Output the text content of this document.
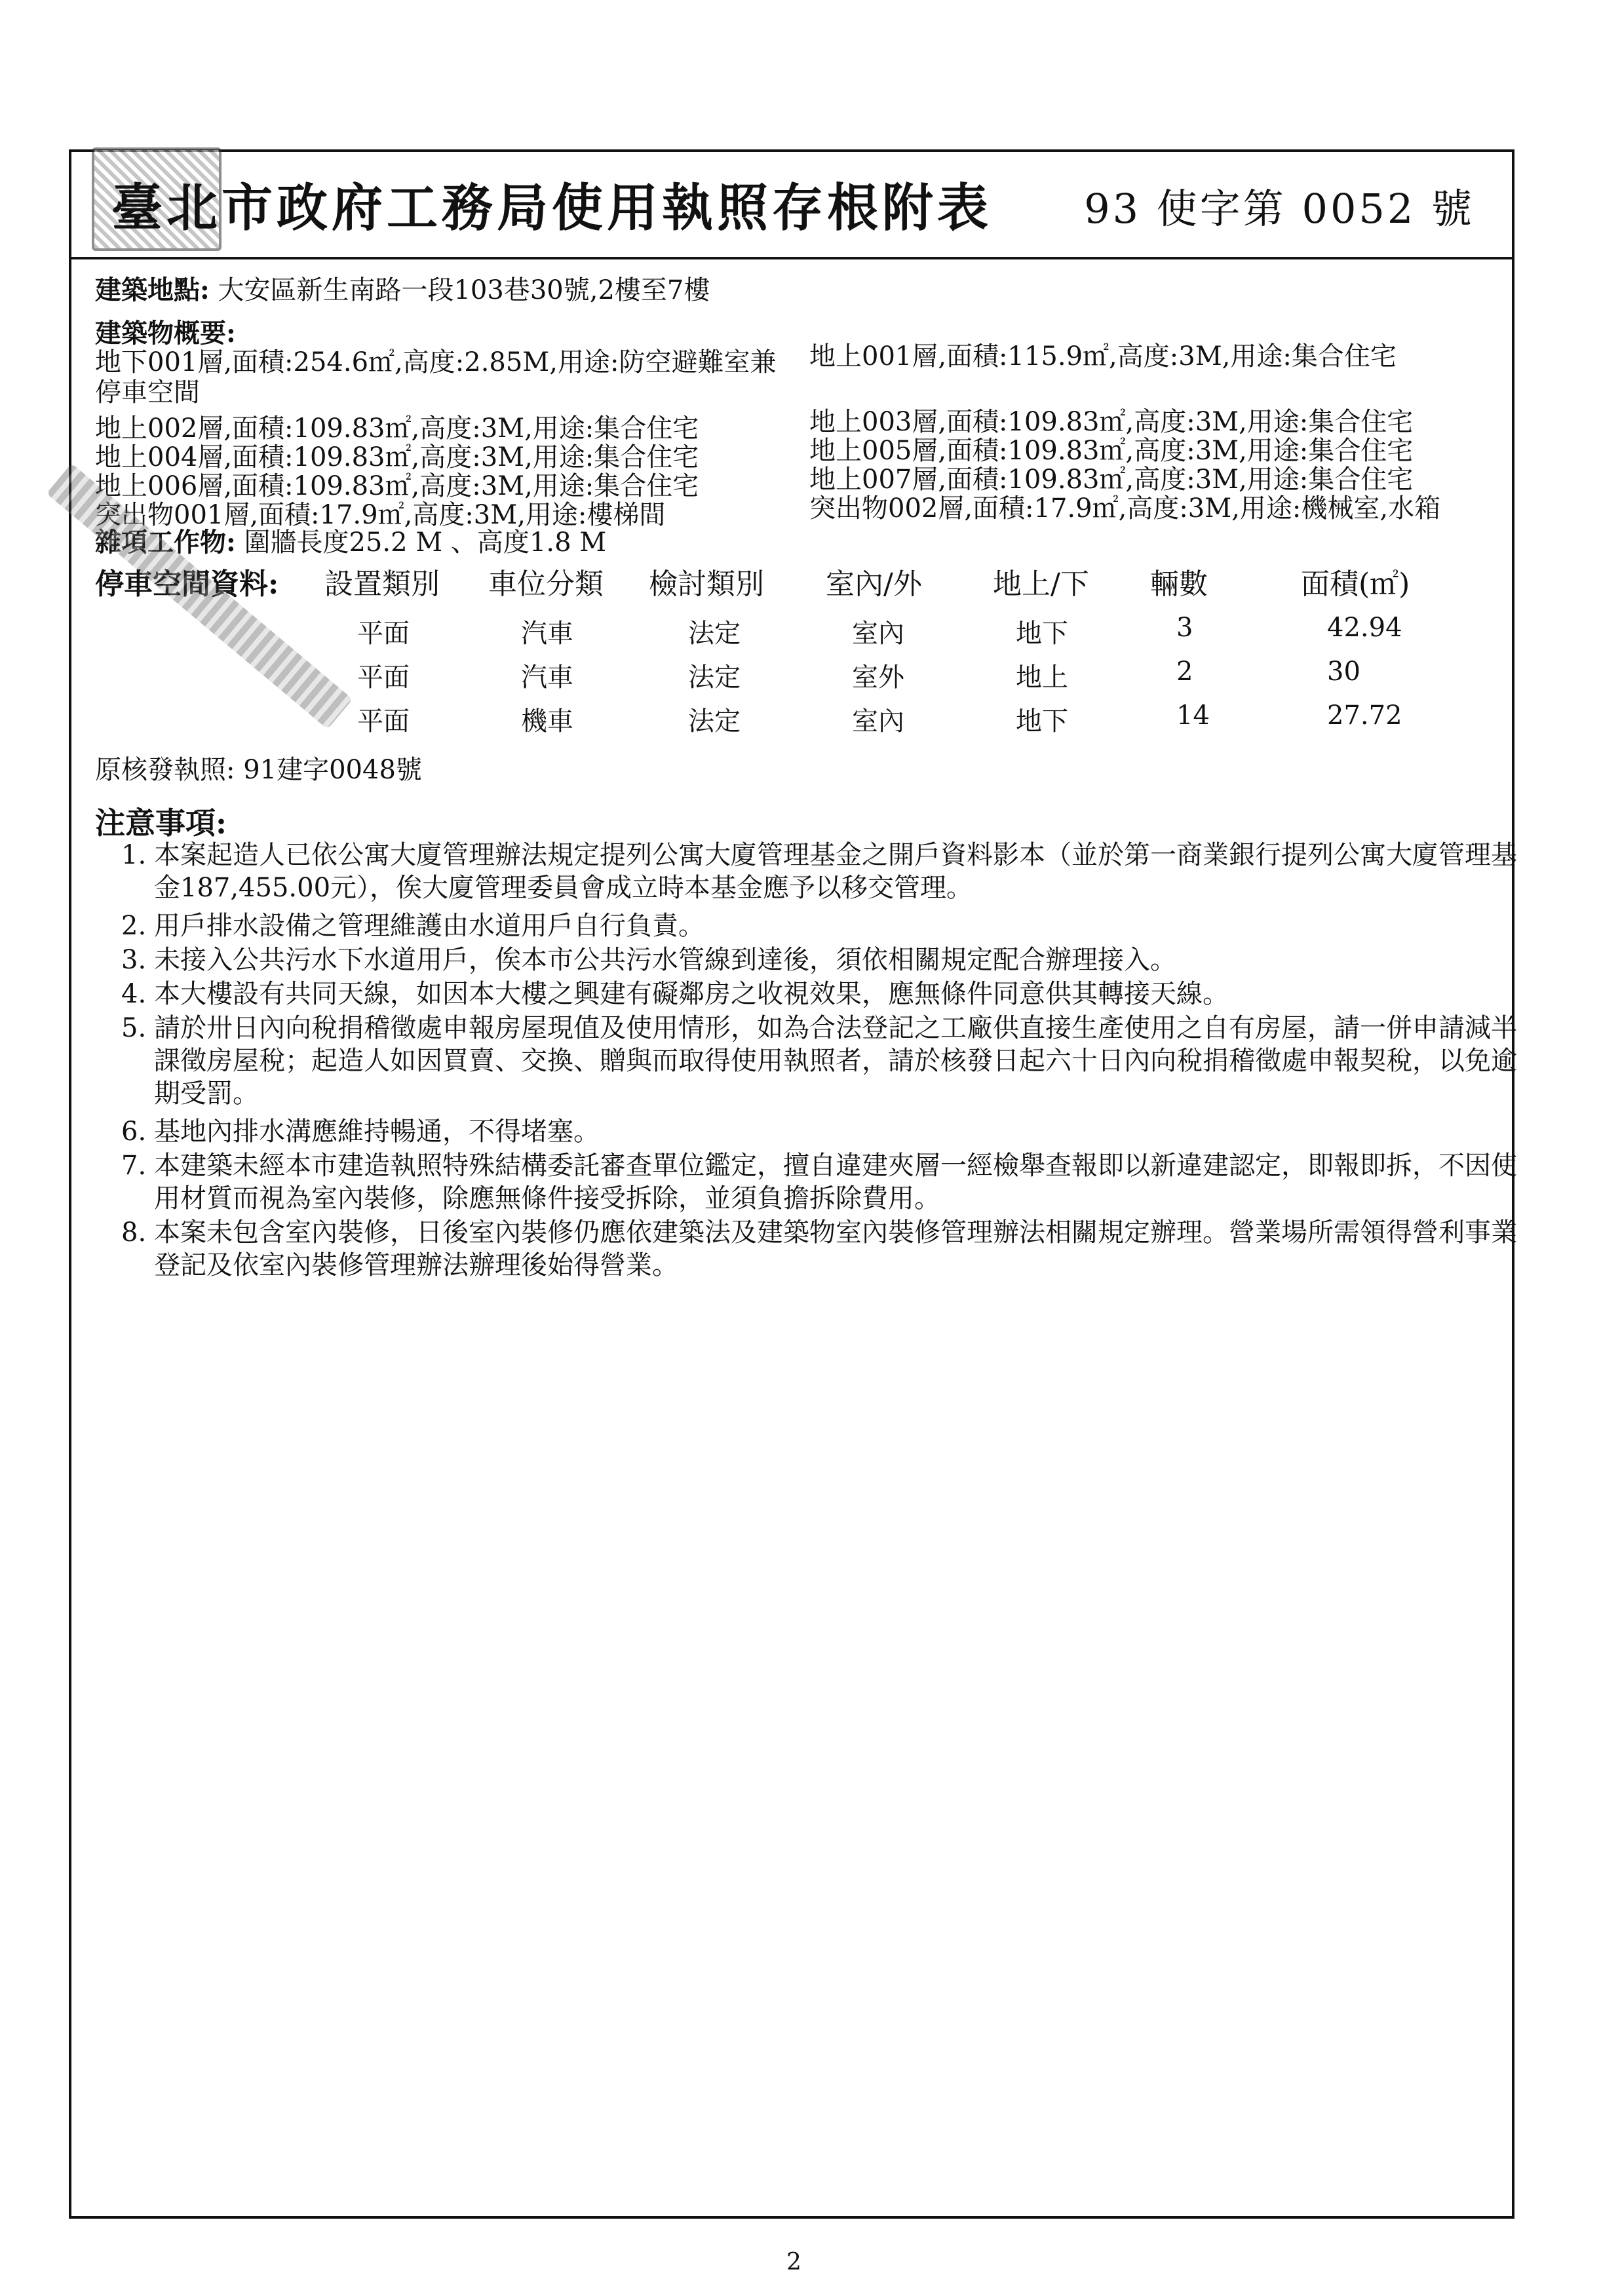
臺北市政府工務局使用執照存根附表 93 使字第 0052 號
建築地點: 大安區新生南路一段103巷30號,2樓至7樓
建築物概要:
地下001層,面積:254.6㎡,高度:2.85M,用途:防空避難室兼停車空間
地上001層,面積:115.9㎡,高度:3M,用途:集合住宅
地上002層,面積:109.83㎡,高度:3M,用途:集合住宅	地上003層,面積:109.83㎡,高度:3M,用途:集合住宅
地上004層,面積:109.83㎡,高度:3M,用途:集合住宅	地上005層,面積:109.83㎡,高度:3M,用途:集合住宅
地上006層,面積:109.83㎡,高度:3M,用途:集合住宅	地上007層,面積:109.83㎡,高度:3M,用途:集合住宅
突出物001層,面積:17.9㎡,高度:3M,用途:樓梯間	突出物002層,面積:17.9㎡,高度:3M,用途:機械室,水箱
雜項工作物: 圍牆長度25.2 M 、高度1.8 M
停車空間資料: 設置類別 車位分類 檢討類別 室內/外 地上/下 輛數	面積(㎡)
平面	汽車	法定	室內	地下	3	42.94
平面	汽車	法定	室外	地上	2	30
平面	機車	法定	室內	地下	14	27.72
原核發執照: 91建字0048號
注意事項:
1. 本案起造人已依公寓大廈管理辦法規定提列公寓大廈管理基金之開戶資料影本（並於第一商業銀行提列公寓大廈管理基金187,455.00元），俟大廈管理委員會成立時本基金應予以移交管理。
2. 用戶排水設備之管理維護由水道用戶自行負責。
3. 未接入公共污水下水道用戶，俟本市公共污水管線到達後，須依相關規定配合辦理接入。
4. 本大樓設有共同天線，如因本大樓之興建有礙鄰房之收視效果，應無條件同意供其轉接天線。
5. 請於卅日內向稅捐稽徵處申報房屋現值及使用情形，如為合法登記之工廠供直接生產使用之自有房屋，請一併申請減半課徵房屋稅；起造人如因買賣、交換、贈與而取得使用執照者，請於核發日起六十日內向稅捐稽徵處申報契稅，以免逾期受罰。
6. 基地內排水溝應維持暢通，不得堵塞。
7. 本建築未經本市建造執照特殊結構委託審查單位鑑定，擅自違建夾層一經檢舉查報即以新違建認定，即報即拆，不因使用材質而視為室內裝修，除應無條件接受拆除，並須負擔拆除費用。
8. 本案未包含室內裝修，日後室內裝修仍應依建築法及建築物室內裝修管理辦法相關規定辦理。營業場所需領得營利事業登記及依室內裝修管理辦法辦理後始得營業。
2
